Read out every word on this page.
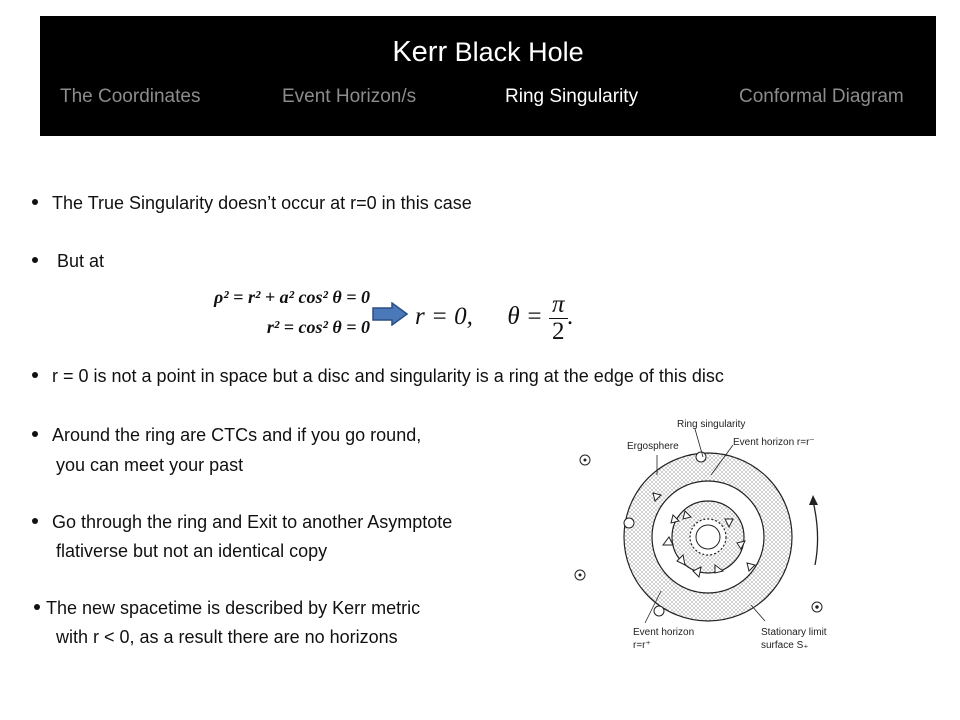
Kerr Black Hole
The Coordinates	Event Horizon/s	Ring Singularity	Conformal Diagram
The True Singularity doesn’t occur at r=0 in this case
But at
ρ² = r² + a² cos² θ = 0
r² = cos² θ = 0 r = 0, $\theta = \frac{\pi}{2}$ .
r = 0 is not a point in space but a disc and singularity is a ring at the edge of this disc
Around the ring are CTCs and if you go round,
you can meet your past
Go through the ring and Exit to another Asymptote
flativerse but not an identical copy
The new spacetime is described by Kerr metric
with r < 0, as a result there are no horizons
Ring singularity
Ergosphere	Event horizon r=r⁻
Event horizon
r=r⁺
Stationary limit
surface S₊
